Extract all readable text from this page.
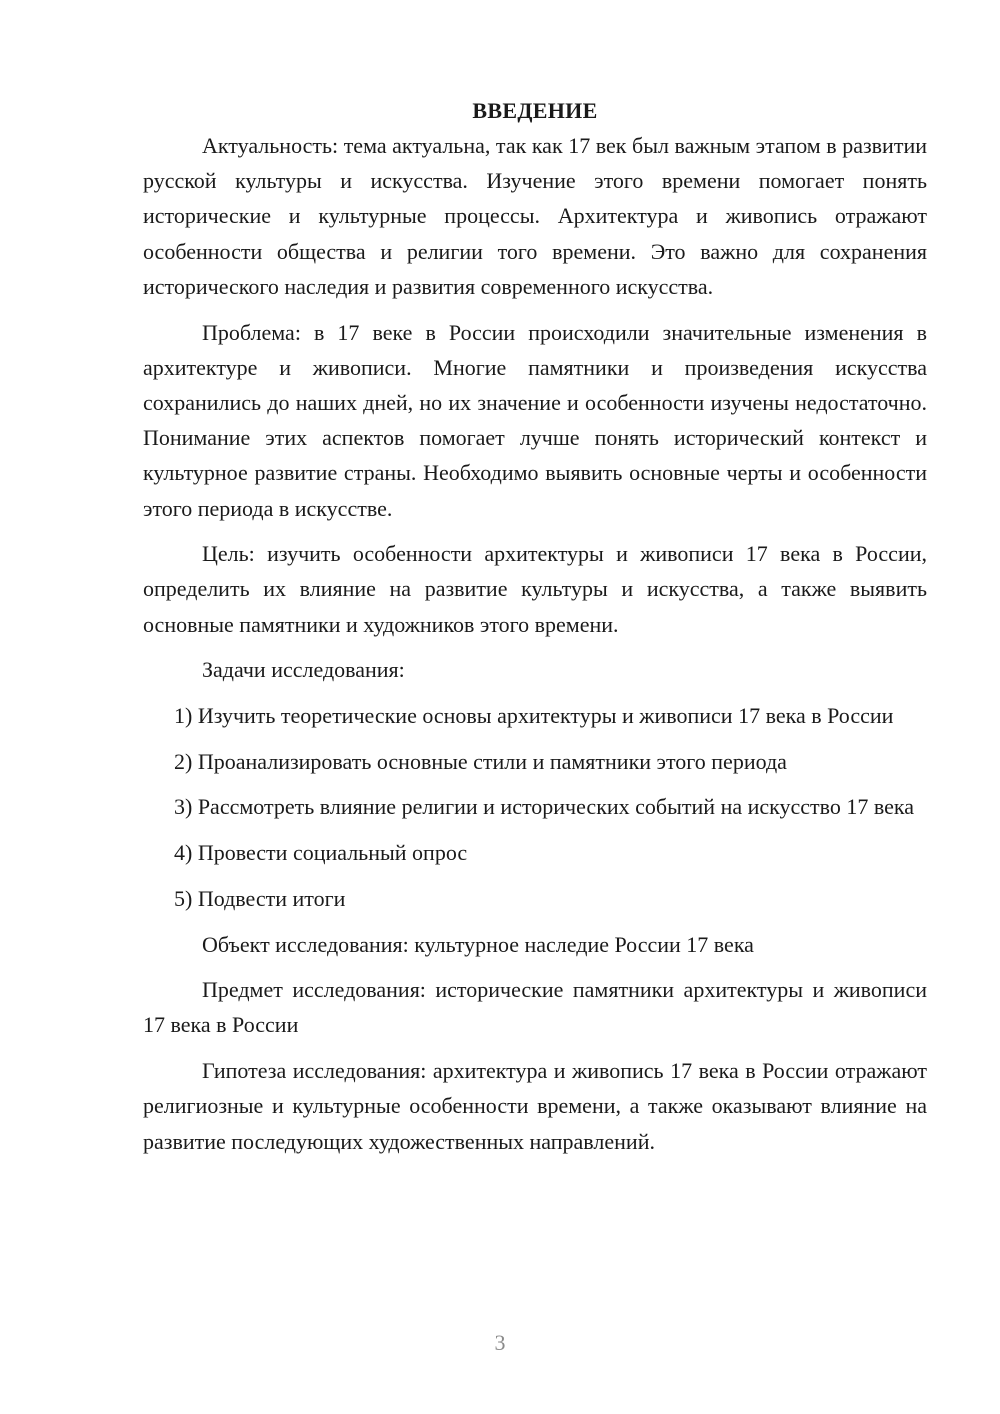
ВВЕДЕНИЕ

Актуальность: тема актуальна, так как 17 век был важным этапом в развитии русской культуры и искусства. Изучение этого времени помогает понять исторические и культурные процессы. Архитектура и живопись отражают особенности общества и религии того времени. Это важно для сохранения исторического наследия и развития современного искусства.

Проблема: в 17 веке в России происходили значительные изменения в архитектуре и живописи. Многие памятники и произведения искусства сохранились до наших дней, но их значение и особенности изучены недостаточно. Понимание этих аспектов помогает лучше понять исторический контекст и культурное развитие страны. Необходимо выявить основные черты и особенности этого периода в искусстве.

Цель: изучить особенности архитектуры и живописи 17 века в России, определить их влияние на развитие культуры и искусства, а также выявить основные памятники и художников этого времени.

Задачи исследования:

1) Изучить теоретические основы архитектуры и живописи 17 века в России

2) Проанализировать основные стили и памятники этого периода

3) Рассмотреть влияние религии и исторических событий на искусство 17 века

4) Провести социальный опрос

5) Подвести итоги

Объект исследования: культурное наследие России 17 века

Предмет исследования: исторические памятники архитектуры и живописи 17 века в России

Гипотеза исследования: архитектура и живопись 17 века в России отражают религиозные и культурные особенности времени, а также оказывают влияние на развитие последующих художественных направлений.

3
